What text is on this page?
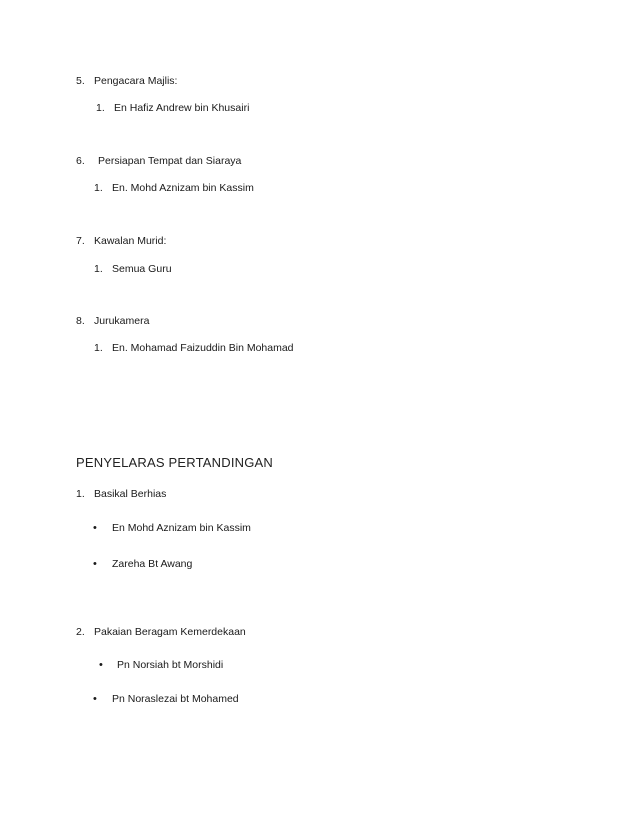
5. Pengacara Majlis:
1. En Hafiz Andrew bin Khusairi
6. Persiapan Tempat dan Siaraya
1. En. Mohd Aznizam bin Kassim
7. Kawalan Murid:
1. Semua Guru
8. Jurukamera
1. En. Mohamad Faizuddin Bin Mohamad
PENYELARAS PERTANDINGAN
1. Basikal Berhias
• En Mohd Aznizam bin Kassim
• Zareha Bt Awang
2. Pakaian Beragam Kemerdekaan
• Pn Norsiah bt Morshidi
• Pn Noraslezai bt Mohamed
